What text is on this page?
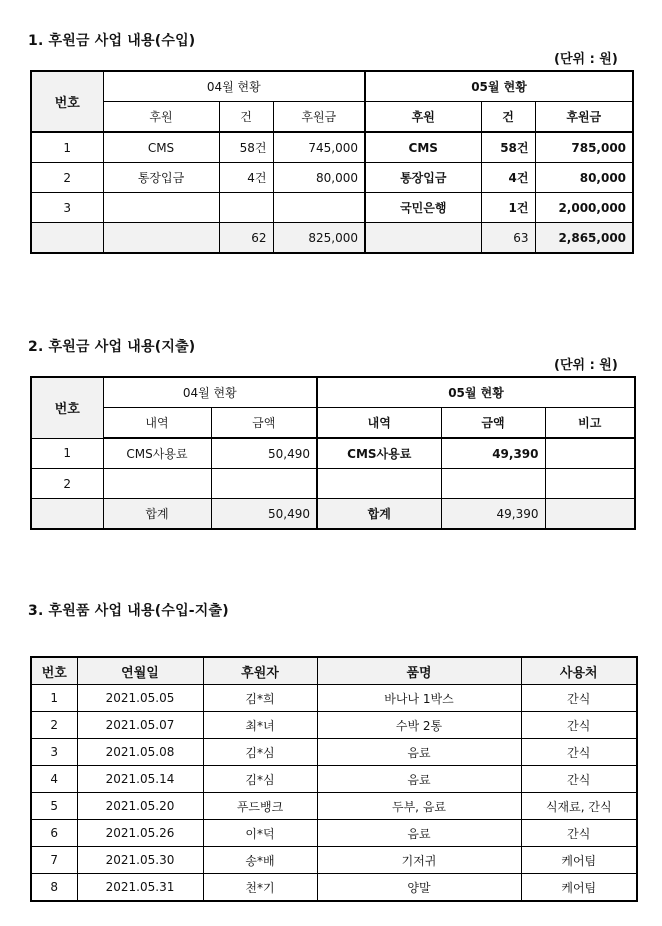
1. 후원금 사업 내용(수입)
(단위 : 원)
번호	04월 현황			05월 현황		
	후원	건	후원금	후원	건	후원금
1	CMS	58건	745,000	CMS	58건	785,000
2	통장입금	4건	80,000	통장입금	4건	80,000
3				국민은행	1건	2,000,000
		62	825,000		63	2,865,000
2. 후원금 사업 내용(지출)
(단위 : 원)
번호	04월 현황		05월 현황		
	내역	금액	내역	금액	비고
1	CMS사용료	50,490	CMS사용료	49,390	
2					
	합계	50,490	합계	49,390	
3. 후원품 사업 내용(수입-지출)
번호	연월일	후원자	품명	사용처
1	2021.05.05	김*희	바나나 1박스	간식
2	2021.05.07	최*녀	수박 2통	간식
3	2021.05.08	김*심	음료	간식
4	2021.05.14	김*심	음료	간식
5	2021.05.20	푸드뱅크	두부, 음료	식재료, 간식
6	2021.05.26	이*덕	음료	간식
7	2021.05.30	송*배	기저귀	케어팀
8	2021.05.31	천*기	양말	케어팀
